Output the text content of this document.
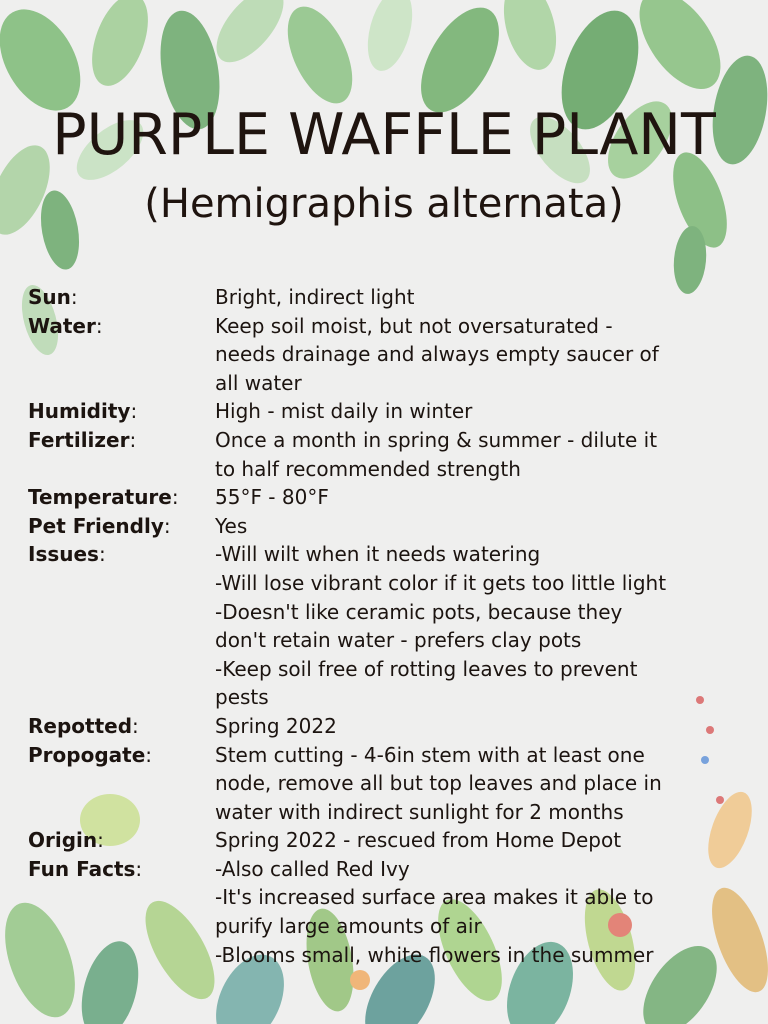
PURPLE WAFFLE PLANT
(Hemigraphis alternata)
Sun:	Bright, indirect light
Water:	Keep soil moist, but not oversaturated -
needs drainage and always empty saucer of
all water
Humidity:	High - mist daily in winter
Fertilizer:	Once a month in spring & summer - dilute it
to half recommended strength
Temperature:	55°F - 80°F
Pet Friendly:	Yes
Issues:	-Will wilt when it needs watering
-Will lose vibrant color if it gets too little light
-Doesn't like ceramic pots, because they
don't retain water - prefers clay pots
-Keep soil free of rotting leaves to prevent
pests
Repotted:	Spring 2022
Propogate:	Stem cutting - 4-6in stem with at least one
node, remove all but top leaves and place in
water with indirect sunlight for 2 months
Origin:	Spring 2022 - rescued from Home Depot
Fun Facts:	-Also called Red Ivy
-It's increased surface area makes it able to
purify large amounts of air
-Blooms small, white flowers in the summer
